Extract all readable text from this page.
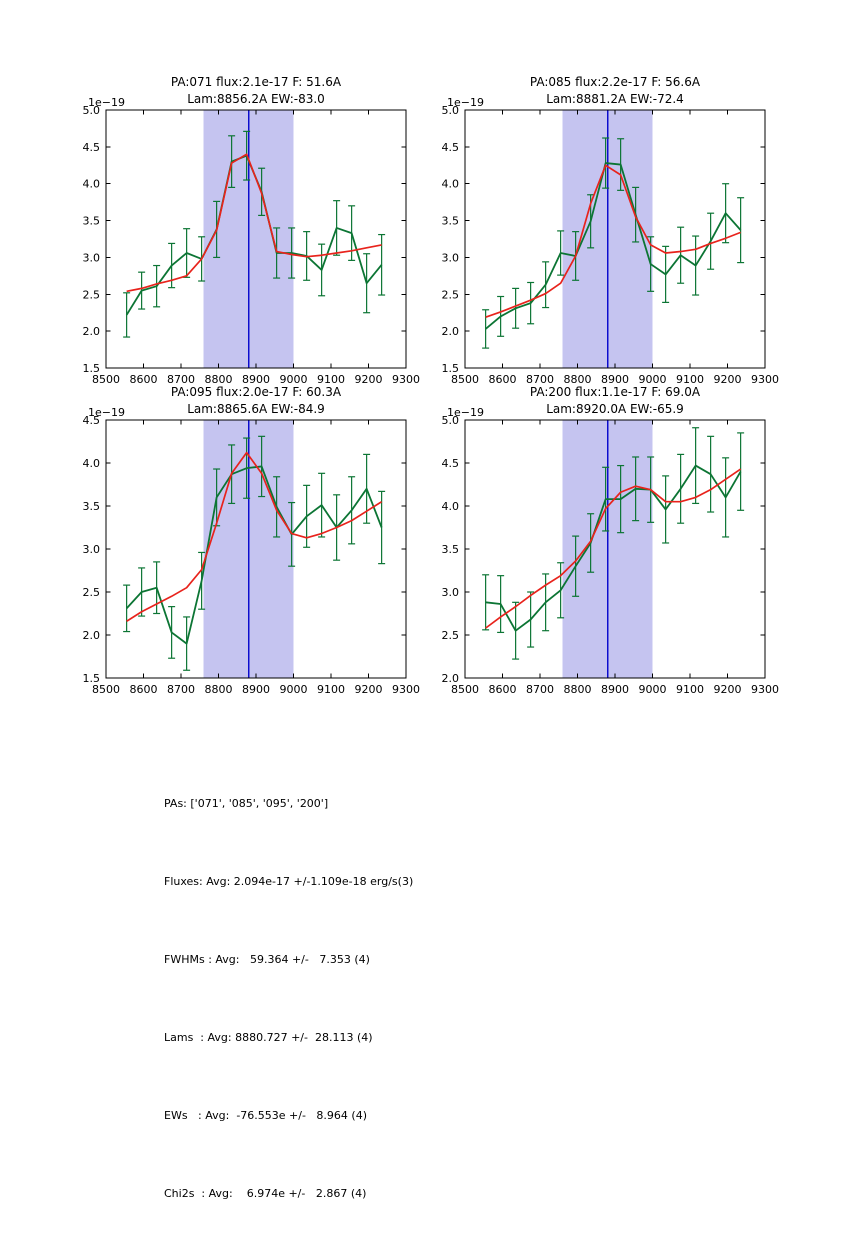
8500 8600 8700 8800 8900 9000 9100 9200 9300
1.5
2.0
2.5
3.0
3.5
4.0
4.5
5.0
1e−19
PA:071 flux:2.1e-17 F: 51.6A
Lam:8856.2A EW:-83.0
8500 8600 8700 8800 8900 9000 9100 9200 9300
1.5
2.0
2.5
3.0
3.5
4.0
4.5
5.0
1e−19
PA:085 flux:2.2e-17 F: 56.6A
Lam:8881.2A EW:-72.4
8500 8600 8700 8800 8900 9000 9100 9200 9300
1.5
2.0
2.5
3.0
3.5
4.0
4.5
1e−19
PA:095 flux:2.0e-17 F: 60.3A
Lam:8865.6A EW:-84.9
8500 8600 8700 8800 8900 9000 9100 9200 9300
2.0
2.5
3.0
3.5
4.0
4.5
5.0
1e−19
PA:200 flux:1.1e-17 F: 69.0A
Lam:8920.0A EW:-65.9

PAs: ['071', '085', '095', '200']

Fluxes: Avg: 2.094e-17 +/-1.109e-18 erg/s(3)

FWHMs : Avg:   59.364 +/-   7.353 (4)

Lams  : Avg: 8880.727 +/-  28.113 (4)

EWs   : Avg:  -76.553e +/-   8.964 (4)

Chi2s  : Avg:    6.974e +/-   2.867 (4)
